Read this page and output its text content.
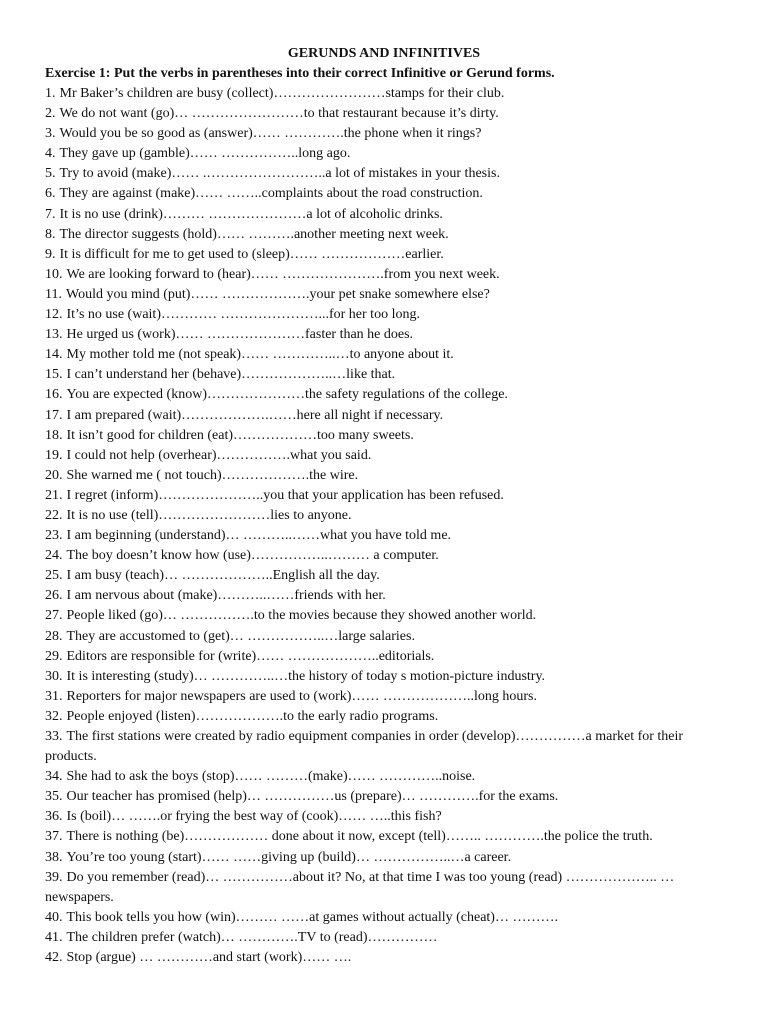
GERUNDS AND INFINITIVES

Exercise 1: Put the verbs in parentheses into their correct Infinitive or Gerund forms.

1. Mr Baker’s children are busy (collect)……………………stamps for their club.
2. We do not want (go)… ……………………to that restaurant because it’s dirty.
3. Would you be so good as (answer)…… ………….the phone when it rings?
4. They gave up (gamble)…… ……………..long ago.
5. Try to avoid (make)…… .……………………..a lot of mistakes in your thesis.
6. They are against (make)…… ……..complaints about the road construction.
7. It is no use (drink)……… …………………a lot of alcoholic drinks.
8. The director suggests (hold)…… ……….another meeting next week.
9. It is difficult for me to get used to (sleep)…… ………………earlier.
10. We are looking forward to (hear)…… ………………….from you next week.
11. Would you mind (put)…… ……………….your pet snake somewhere else?
12. It’s no use (wait)………… …………………...for her too long.
13. He urged us (work)…… …………………faster than he does.
14. My mother told me (not speak)…… …………..…to anyone about it.
15. I can’t understand her (behave)………………..…like that.
16. You are expected (know)…………………the safety regulations of the college.
17. I am prepared (wait)……………….……here all night if necessary.
18. It isn’t good for children (eat)………………too many sweets.
19. I could not help (overhear)…………….what you said.
20. She warned me ( not touch)……………….the wire.
21. I regret (inform)…………………..you that your application has been refused.
22. It is no use (tell)……………………lies to anyone.
23. I am beginning (understand)… ………..……what you have told me.
24. The boy doesn’t know how (use)……………..……… a computer.
25. I am busy (teach)… ………………..English all the day.
26. I am nervous about (make)………..……friends with her.
27. People liked (go)… …………….to the movies because they showed another world.
28. They are accustomed to (get)… ……………..…large salaries.
29. Editors are responsible for (write)…… ………………..editorials.
30. It is interesting (study)… …………..…the history of today s motion-picture industry.
31. Reporters for major newspapers are used to (work)…… ………………..long hours.
32. People enjoyed (listen)……………….to the early radio programs.
33. The first stations were created by radio equipment companies in order (develop)……………a market for their products.
34. She had to ask the boys (stop)…… ………(make)…… …………..noise.
35. Our teacher has promised (help)… ……………us (prepare)… ………….for the exams.
36. Is (boil)… …….or frying the best way of (cook)…… …..this fish?
37. There is nothing (be)……………… done about it now, except (tell)…….. ………….the police the truth.
38. You’re too young (start)…… ……giving up (build)… ……………..…a career.
39. Do you remember (read)… ……………about it? No, at that time I was too young (read) ……………….. …newspapers.
40. This book tells you how (win)……… ……at games without actually (cheat)… ……….
41. The children prefer (watch)… ………….TV to (read)……………
42. Stop (argue) … …………and start (work)…… ….
